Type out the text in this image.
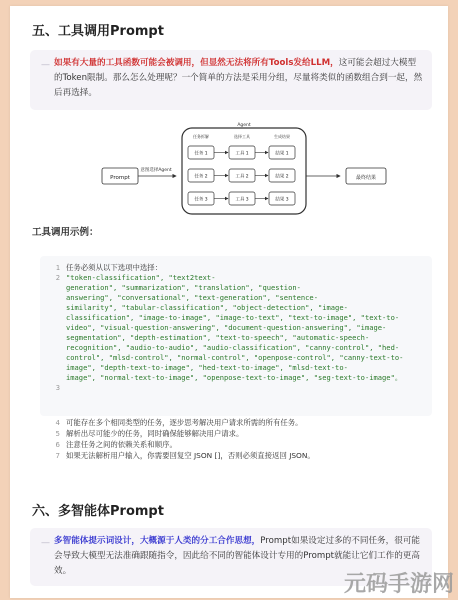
五、工具调用Prompt
— 如果有大量的工具函数可能会被调用，但显然无法将所有Tools发给LLM，这可能会超过大模型的Token限制。那么怎么处理呢？一个简单的方法是采用分组，尽量将类似的函数组合到一起，然后再选择。
Prompt
意图选择Agent
Agent
任务拆解	选择工具	生成结果
任务 1	工具 1	结果 1
任务 2	工具 2	结果 2
任务 3	工具 3	结果 3
最终结果
工具调用示例：
1 任务必须从以下选项中选择：
2 "token-classification", "text2text-
generation", "summarization", "translation", "question-
answering", "conversational", "text-generation", "sentence-
similarity", "tabular-classification", "object-detection", "image-
classification", "image-to-image", "image-to-text", "text-to-image", "text-to-
video", "visual-question-answering", "document-question-answering", "image-
segmentation", "depth-estimation", "text-to-speech", "automatic-speech-
recognition", "audio-to-audio", "audio-classification", "canny-control", "hed-
control", "mlsd-control", "normal-control", "openpose-control", "canny-text-to-
image", "depth-text-to-image", "hed-text-to-image", "mlsd-text-to-
image", "normal-text-to-image", "openpose-text-to-image", "seg-text-to-image"。
3
4 可能存在多个相同类型的任务，逐步思考解决用户请求所需的所有任务。
5 解析出尽可能少的任务，同时确保能够解决用户请求。
6 注意任务之间的依赖关系和顺序。
7 如果无法解析用户输入，你需要回复空 JSON []，否则必须直接返回 JSON。
六、多智能体Prompt
— 多智能体提示词设计，大概源于人类的分工合作思想，Prompt如果设定过多的不同任务，很可能会导致大模型无法准确跟随指令，因此给不同的智能体设计专用的Prompt就能让它们工作的更高效。
元码手游网
